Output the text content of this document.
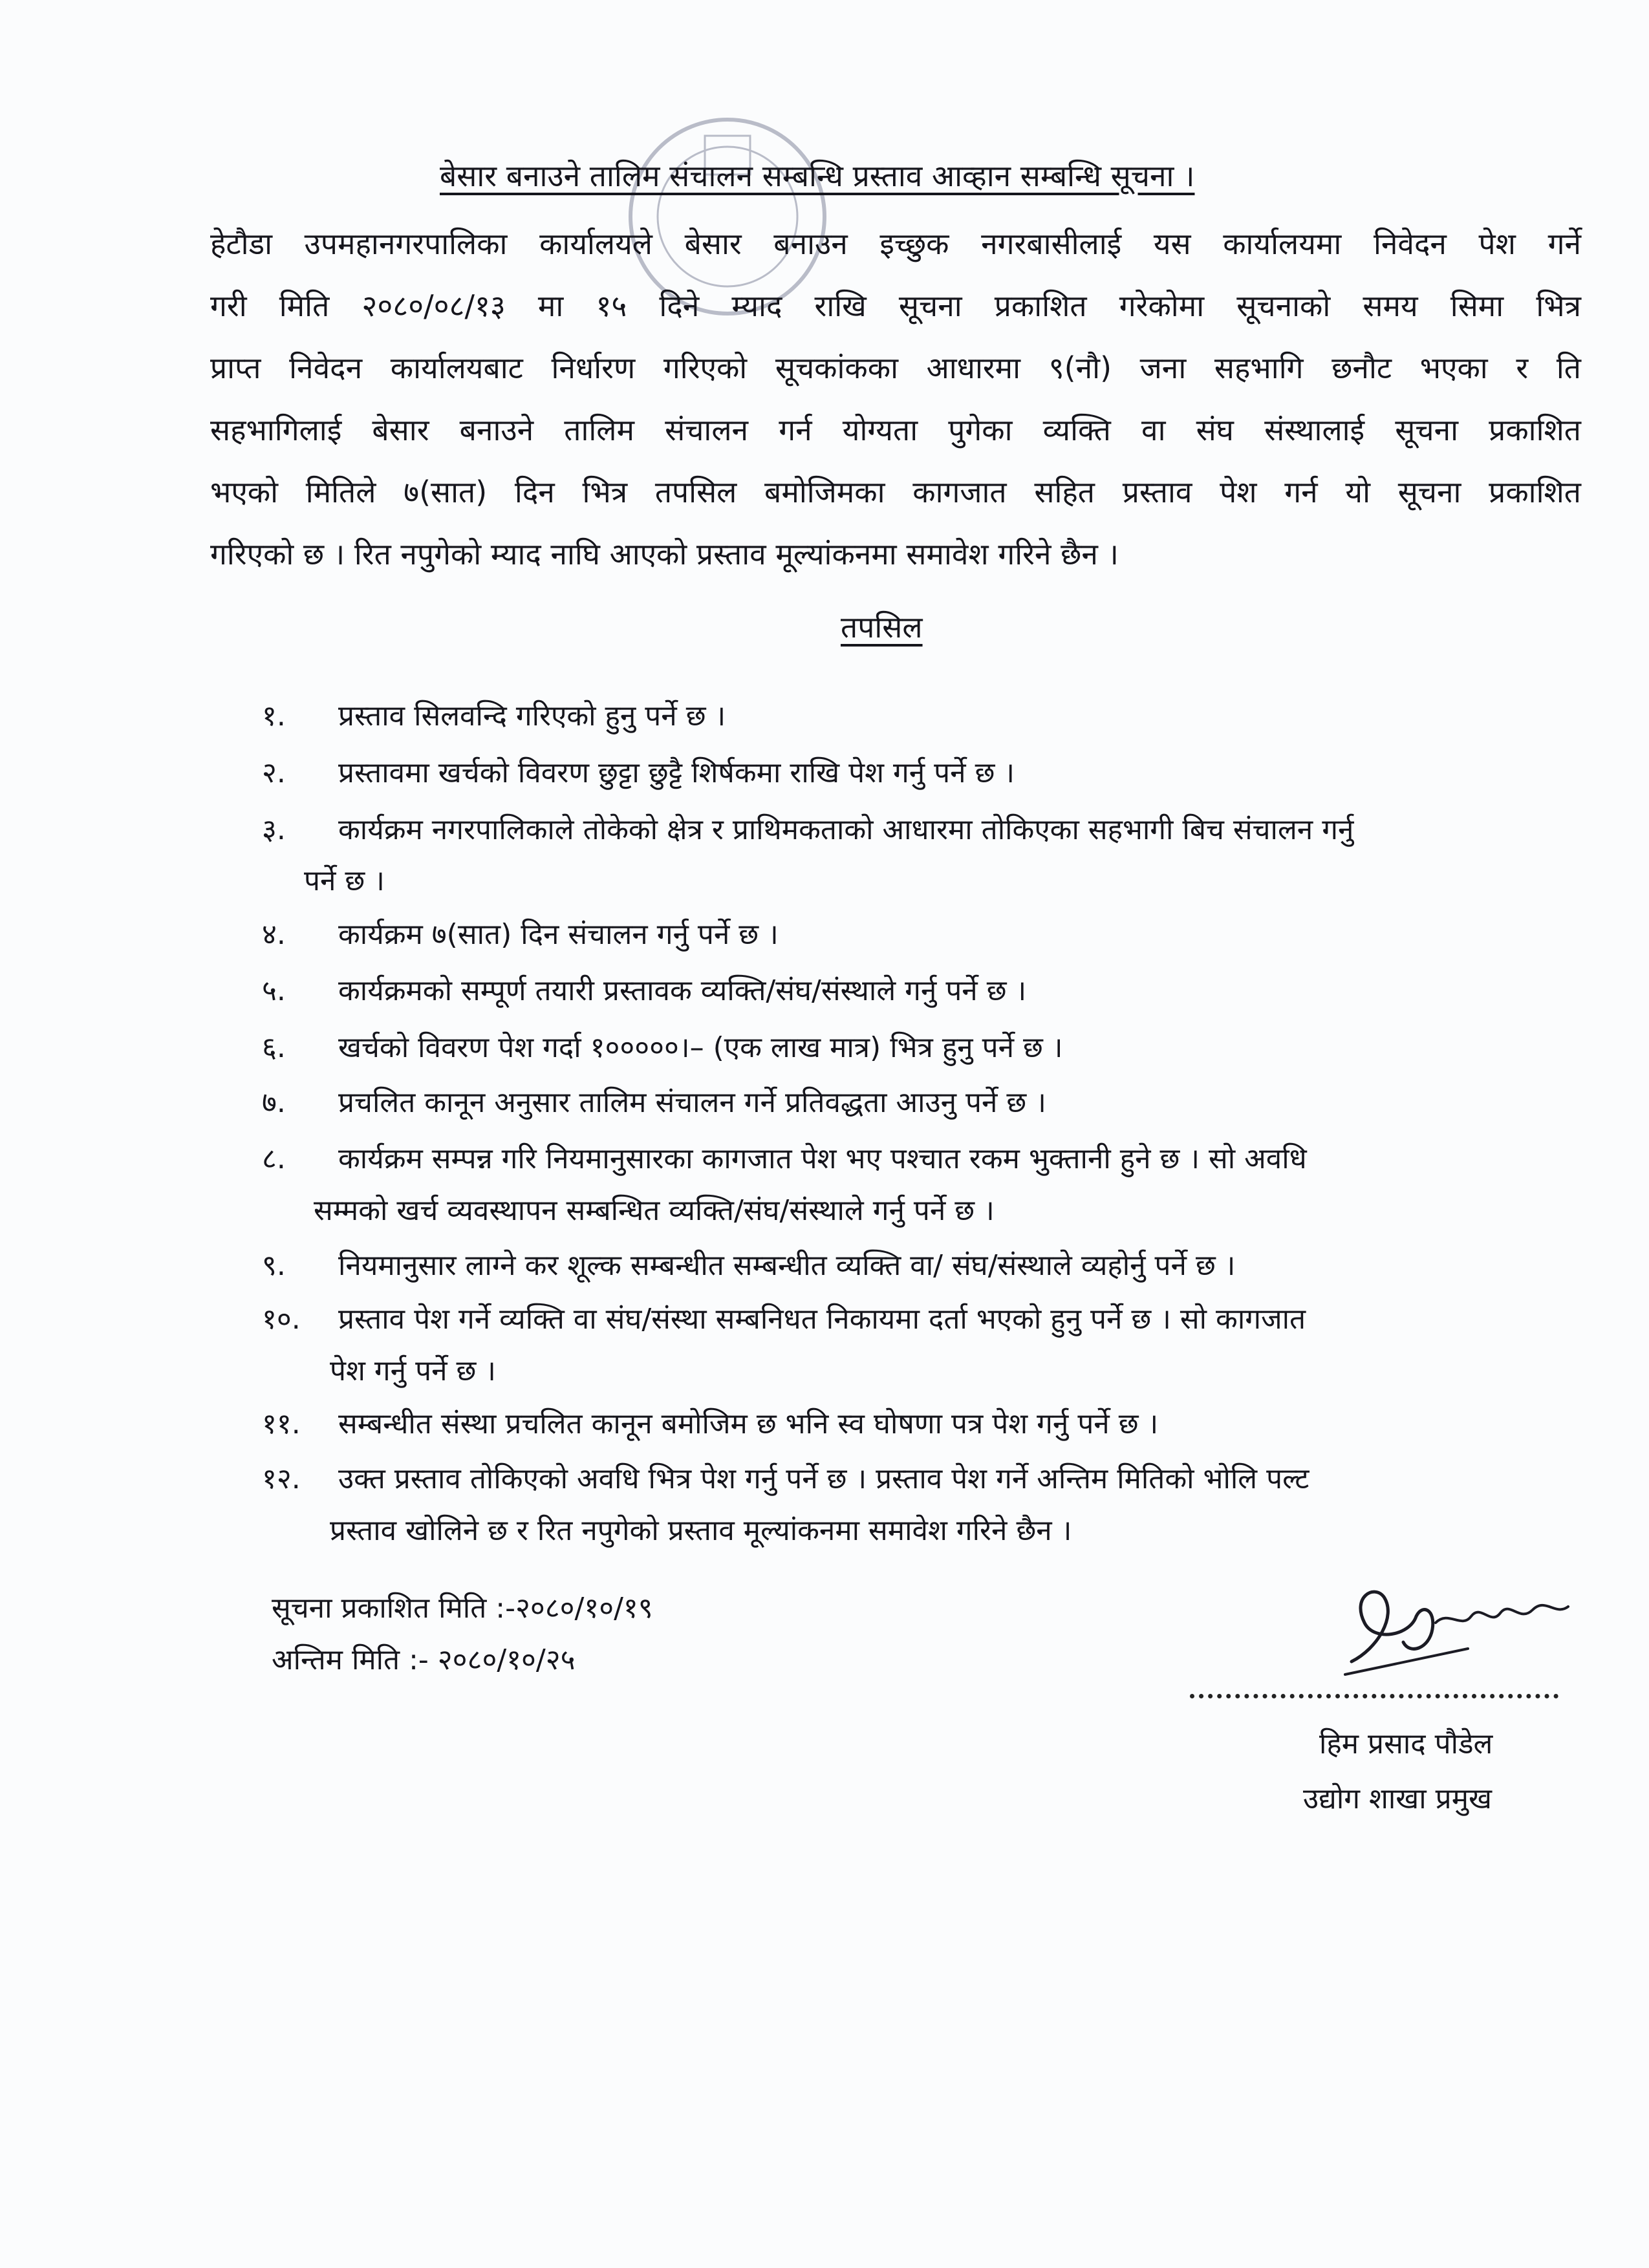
बेसार बनाउने तालिम संचालन सम्बन्धि प्रस्ताव आव्हान सम्बन्धि सूचना ।
हेटौडा उपमहानगरपालिका कार्यालयले बेसार बनाउन इच्छुक नगरबासीलाई यस कार्यालयमा निवेदन पेश गर्ने
गरी मिति २०८०/०८/१३ मा १५ दिने म्याद राखि सूचना प्रकाशित गरेकोमा सूचनाको समय सिमा भित्र
प्राप्त निवेदन कार्यालयबाट निर्धारण गरिएको सूचकांकका आधारमा ९(नौ) जना सहभागि छनौट भएका र ति
सहभागिलाई बेसार बनाउने तालिम संचालन गर्न योग्यता पुगेका व्यक्ति वा संघ संस्थालाई सूचना प्रकाशित
भएको मितिले ७(सात) दिन भित्र तपसिल बमोजिमका कागजात सहित प्रस्ताव पेश गर्न यो सूचना प्रकाशित
गरिएको छ । रित नपुगेको म्याद नाघि आएको प्रस्ताव मूल्यांकनमा समावेश गरिने छैन ।
तपसिल
१. प्रस्ताव सिलवन्दि गरिएको हुनु पर्ने छ ।
२. प्रस्तावमा खर्चको विवरण छुट्टा छुट्टै शिर्षकमा राखि पेश गर्नु पर्ने छ ।
३. कार्यक्रम नगरपालिकाले तोकेको क्षेत्र र प्राथिमकताको आधारमा तोकिएका सहभागी बिच संचालन गर्नु
पर्ने छ ।
४. कार्यक्रम ७(सात) दिन संचालन गर्नु पर्ने छ ।
५. कार्यक्रमको सम्पूर्ण तयारी प्रस्तावक व्यक्ति/संघ/संस्थाले गर्नु पर्ने छ ।
६. खर्चको विवरण पेश गर्दा १०००००।– (एक लाख मात्र) भित्र हुनु पर्ने छ ।
७. प्रचलित कानून अनुसार तालिम संचालन गर्ने प्रतिवद्धता आउनु पर्ने छ ।
८. कार्यक्रम सम्पन्न गरि नियमानुसारका कागजात पेश भए पश्चात रकम भुक्तानी हुने छ । सो अवधि
सम्मको खर्च व्यवस्थापन सम्बन्धित व्यक्ति/संघ/संस्थाले गर्नु पर्ने छ ।
९. नियमानुसार लाग्ने कर शूल्क सम्बन्धीत सम्बन्धीत व्यक्ति वा/ संघ/संस्थाले व्यहोर्नु पर्ने छ ।
१०. प्रस्ताव पेश गर्ने व्यक्ति वा संघ/संस्था सम्बनिधत निकायमा दर्ता भएको हुनु पर्ने छ । सो कागजात
पेश गर्नु पर्ने छ ।
११. सम्बन्धीत संस्था प्रचलित कानून बमोजिम छ भनि स्व घोषणा पत्र पेश गर्नु पर्ने छ ।
१२. उक्त प्रस्ताव तोकिएको अवधि भित्र पेश गर्नु पर्ने छ । प्रस्ताव पेश गर्ने अन्तिम मितिको भोलि पल्ट
प्रस्ताव खोलिने छ र रित नपुगेको प्रस्ताव मूल्यांकनमा समावेश गरिने छैन ।
सूचना प्रकाशित मिति :-२०८०/१०/१९
अन्तिम मिति :- २०८०/१०/२५
हिम प्रसाद पौडेल
उद्योग शाखा प्रमुख
